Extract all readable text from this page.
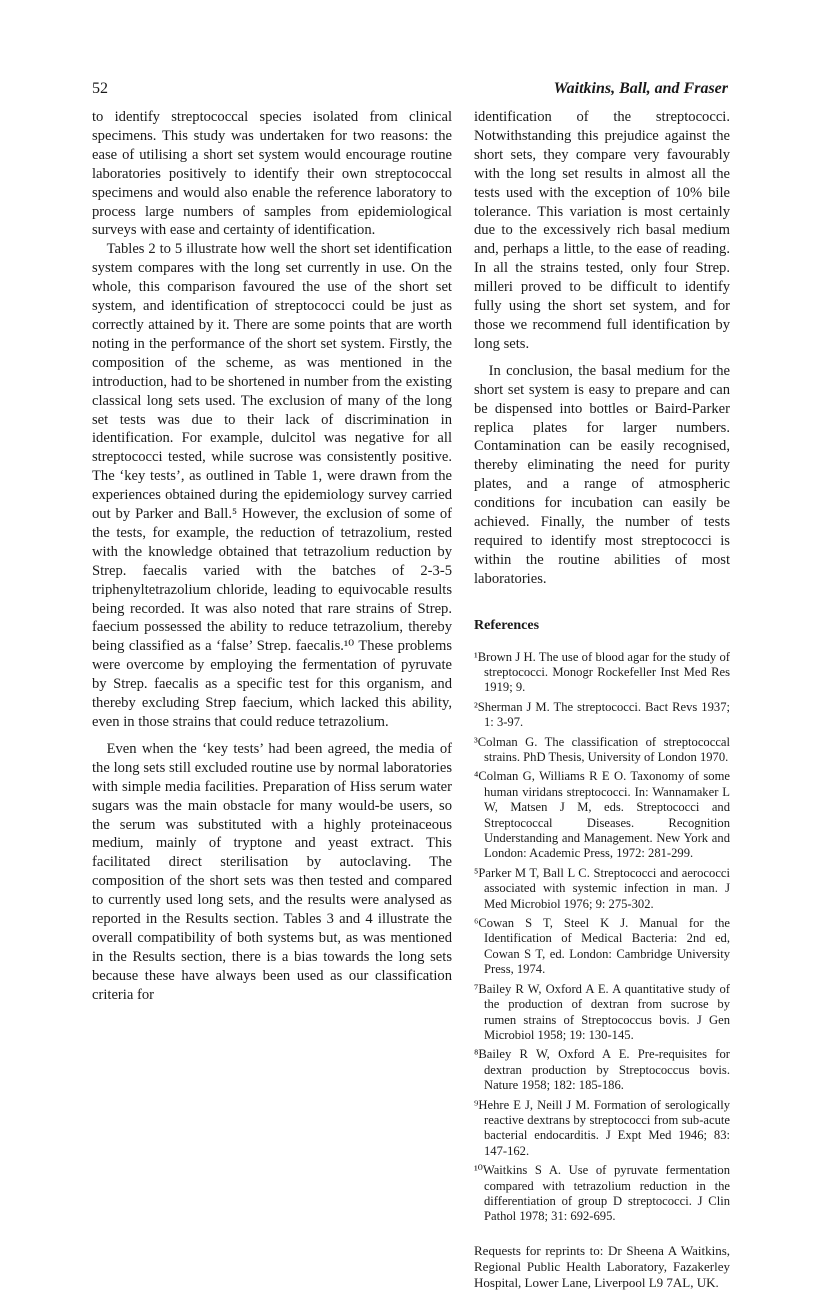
52	Waitkins, Ball, and Fraser

to identify streptococcal species isolated from clinical specimens. This study was undertaken for two reasons: the ease of utilising a short set system would encourage routine laboratories positively to identify their own streptococcal specimens and would also enable the reference laboratory to process large numbers of samples from epidemiological surveys with ease and certainty of identification.

Tables 2 to 5 illustrate how well the short set identification system compares with the long set currently in use. On the whole, this comparison favoured the use of the short set system, and identification of streptococci could be just as correctly attained by it. There are some points that are worth noting in the performance of the short set system. Firstly, the composition of the scheme, as was mentioned in the introduction, had to be shortened in number from the existing classical long sets used. The exclusion of many of the long set tests was due to their lack of discrimination in identification. For example, dulcitol was negative for all streptococci tested, while sucrose was consistently positive. The ‘key tests’, as outlined in Table 1, were drawn from the experiences obtained during the epidemiology survey carried out by Parker and Ball.⁵ However, the exclusion of some of the tests, for example, the reduction of tetrazolium, rested with the knowledge obtained that tetrazolium reduction by Strep. faecalis varied with the batches of 2-3-5 triphenyltetrazolium chloride, leading to equivocable results being recorded. It was also noted that rare strains of Strep. faecium possessed the ability to reduce tetrazolium, thereby being classified as a ‘false’ Strep. faecalis.¹⁰ These problems were overcome by employing the fermentation of pyruvate by Strep. faecalis as a specific test for this organism, and thereby excluding Strep faecium, which lacked this ability, even in those strains that could reduce tetrazolium.

Even when the ‘key tests’ had been agreed, the media of the long sets still excluded routine use by normal laboratories with simple media facilities. Preparation of Hiss serum water sugars was the main obstacle for many would-be users, so the serum was substituted with a highly proteinaceous medium, mainly of tryptone and yeast extract. This facilitated direct sterilisation by autoclaving. The composition of the short sets was then tested and compared to currently used long sets, and the results were analysed as reported in the Results section. Tables 3 and 4 illustrate the overall compatibility of both systems but, as was mentioned in the Results section, there is a bias towards the long sets because these have always been used as our classification criteria for

identification of the streptococci. Notwithstanding this prejudice against the short sets, they compare very favourably with the long set results in almost all the tests used with the exception of 10% bile tolerance. This variation is most certainly due to the excessively rich basal medium and, perhaps a little, to the ease of reading. In all the strains tested, only four Strep. milleri proved to be difficult to identify fully using the short set system, and for those we recommend full identification by long sets.

In conclusion, the basal medium for the short set system is easy to prepare and can be dispensed into bottles or Baird-Parker replica plates for larger numbers. Contamination can be easily recognised, thereby eliminating the need for purity plates, and a range of atmospheric conditions for incubation can easily be achieved. Finally, the number of tests required to identify most streptococci is within the routine abilities of most laboratories.

References
¹Brown J H. The use of blood agar for the study of streptococci. Monogr Rockefeller Inst Med Res 1919; 9.
²Sherman J M. The streptococci. Bact Revs 1937; 1: 3-97.
³Colman G. The classification of streptococcal strains. PhD Thesis, University of London 1970.
⁴Colman G, Williams R E O. Taxonomy of some human viridans streptococci. In: Wannamaker L W, Matsen J M, eds. Streptococci and Streptococcal Diseases. Recognition Understanding and Management. New York and London: Academic Press, 1972: 281-299.
⁵Parker M T, Ball L C. Streptococci and aerococci associated with systemic infection in man. J Med Microbiol 1976; 9: 275-302.
⁶Cowan S T, Steel K J. Manual for the Identification of Medical Bacteria: 2nd ed, Cowan S T, ed. London: Cambridge University Press, 1974.
⁷Bailey R W, Oxford A E. A quantitative study of the production of dextran from sucrose by rumen strains of Streptococcus bovis. J Gen Microbiol 1958; 19: 130-145.
⁸Bailey R W, Oxford A E. Pre-requisites for dextran production by Streptococcus bovis. Nature 1958; 182: 185-186.
⁹Hehre E J, Neill J M. Formation of serologically reactive dextrans by streptococci from sub-acute bacterial endocarditis. J Expt Med 1946; 83: 147-162.
¹⁰Waitkins S A. Use of pyruvate fermentation compared with tetrazolium reduction in the differentiation of group D streptococci. J Clin Pathol 1978; 31: 692-695.
Requests for reprints to: Dr Sheena A Waitkins, Regional Public Health Laboratory, Fazakerley Hospital, Lower Lane, Liverpool L9 7AL, UK.
